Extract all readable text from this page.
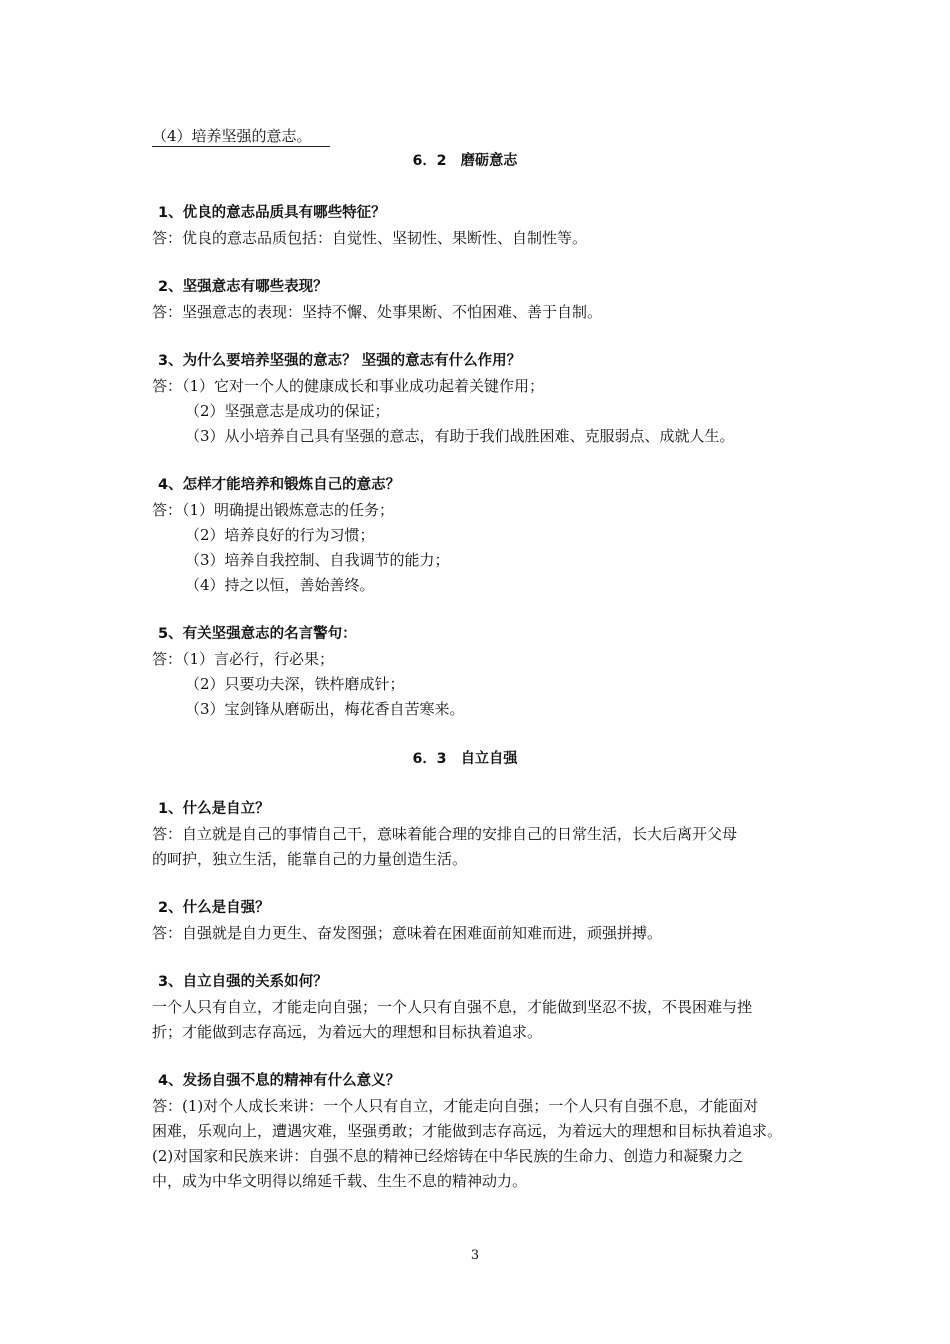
（4）培养坚强的意志。
6．2　磨砺意志
1、优良的意志品质具有哪些特征？
答：优良的意志品质包括：自觉性、坚韧性、果断性、自制性等。
2、坚强意志有哪些表现？
答：坚强意志的表现：坚持不懈、处事果断、不怕困难、善于自制。
3、为什么要培养坚强的意志？ 坚强的意志有什么作用？
答：（1）它对一个人的健康成长和事业成功起着关键作用；
（2）坚强意志是成功的保证；
（3）从小培养自己具有坚强的意志，有助于我们战胜困难、克服弱点、成就人生。
4、怎样才能培养和锻炼自己的意志？
答：（1）明确提出锻炼意志的任务；
（2）培养良好的行为习惯；
（3）培养自我控制、自我调节的能力；
（4）持之以恒，善始善终。
5、有关坚强意志的名言警句：
答：（1）言必行，行必果；
（2）只要功夫深，铁杵磨成针；
（3）宝剑锋从磨砺出，梅花香自苦寒来。
6．3　自立自强
1、什么是自立？
答：自立就是自己的事情自己干，意味着能合理的安排自己的日常生活，长大后离开父母
的呵护，独立生活，能靠自己的力量创造生活。
2、什么是自强？
答：自强就是自力更生、奋发图强；意味着在困难面前知难而进，顽强拼搏。
3、自立自强的关系如何？
一个人只有自立，才能走向自强；一个人只有自强不息，才能做到坚忍不拔，不畏困难与挫
折；才能做到志存高远，为着远大的理想和目标执着追求。
4、发扬自强不息的精神有什么意义？
答：(1)对个人成长来讲：一个人只有自立，才能走向自强；一个人只有自强不息，才能面对
困难，乐观向上，遭遇灾难，坚强勇敢；才能做到志存高远，为着远大的理想和目标执着追求。
(2)对国家和民族来讲：自强不息的精神已经熔铸在中华民族的生命力、创造力和凝聚力之
中，成为中华文明得以绵延千载、生生不息的精神动力。
3
